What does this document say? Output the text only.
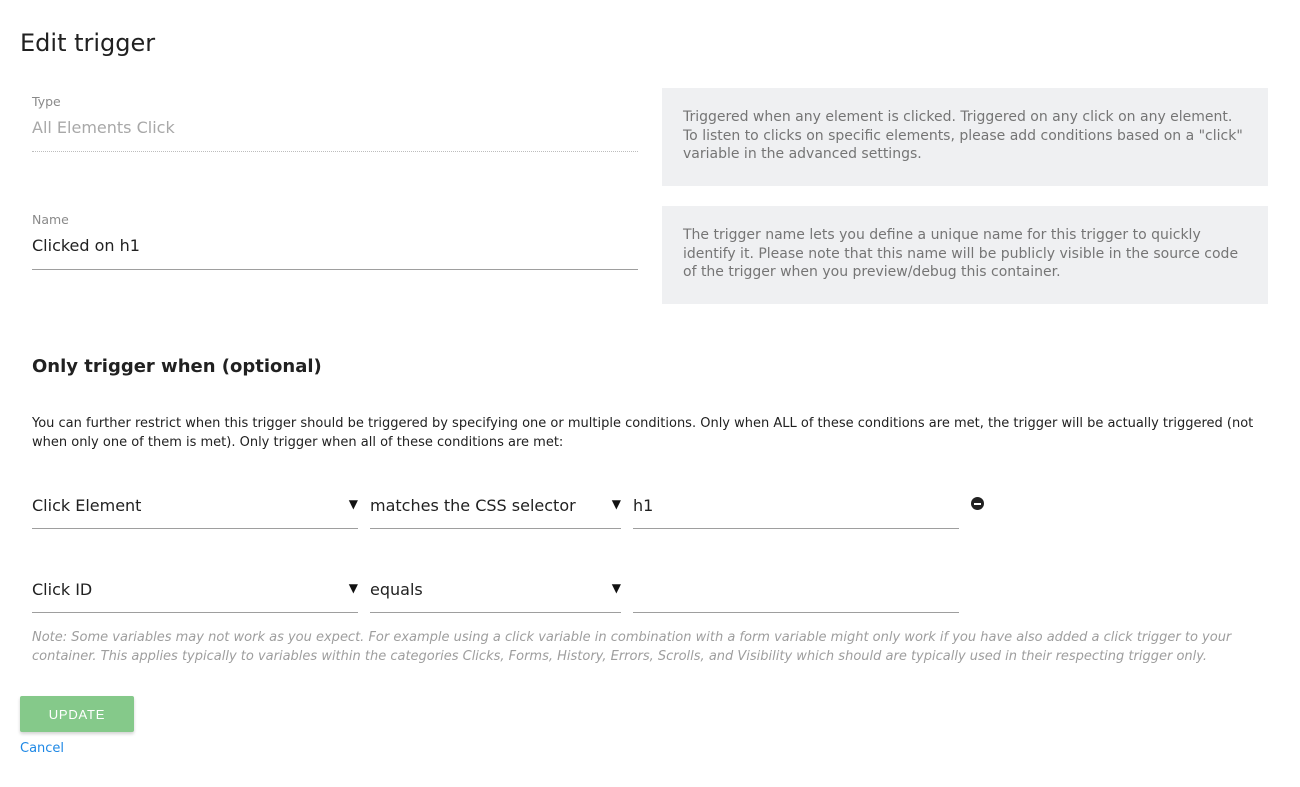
Edit trigger
Type
All Elements Click
Triggered when any element is clicked. Triggered on any click on any element. To listen to clicks on specific elements, please add conditions based on a "click" variable in the advanced settings.
Name
Clicked on h1
The trigger name lets you define a unique name for this trigger to quickly identify it. Please note that this name will be publicly visible in the source code of the trigger when you preview/debug this container.
Only trigger when (optional)

You can further restrict when this trigger should be triggered by specifying one or multiple conditions. Only when ALL of these conditions are met, the trigger will be actually triggered (not when only one of them is met). Only trigger when all of these conditions are met:

Click Element	▼ matches the CSS selector	▼ h1
Click ID	▼ equals	▼

Note: Some variables may not work as you expect. For example using a click variable in combination with a form variable might only work if you have also added a click trigger to your container. This applies typically to variables within the categories Clicks, Forms, History, Errors, Scrolls, and Visibility which should are typically used in their respecting trigger only.

UPDATE
Cancel
